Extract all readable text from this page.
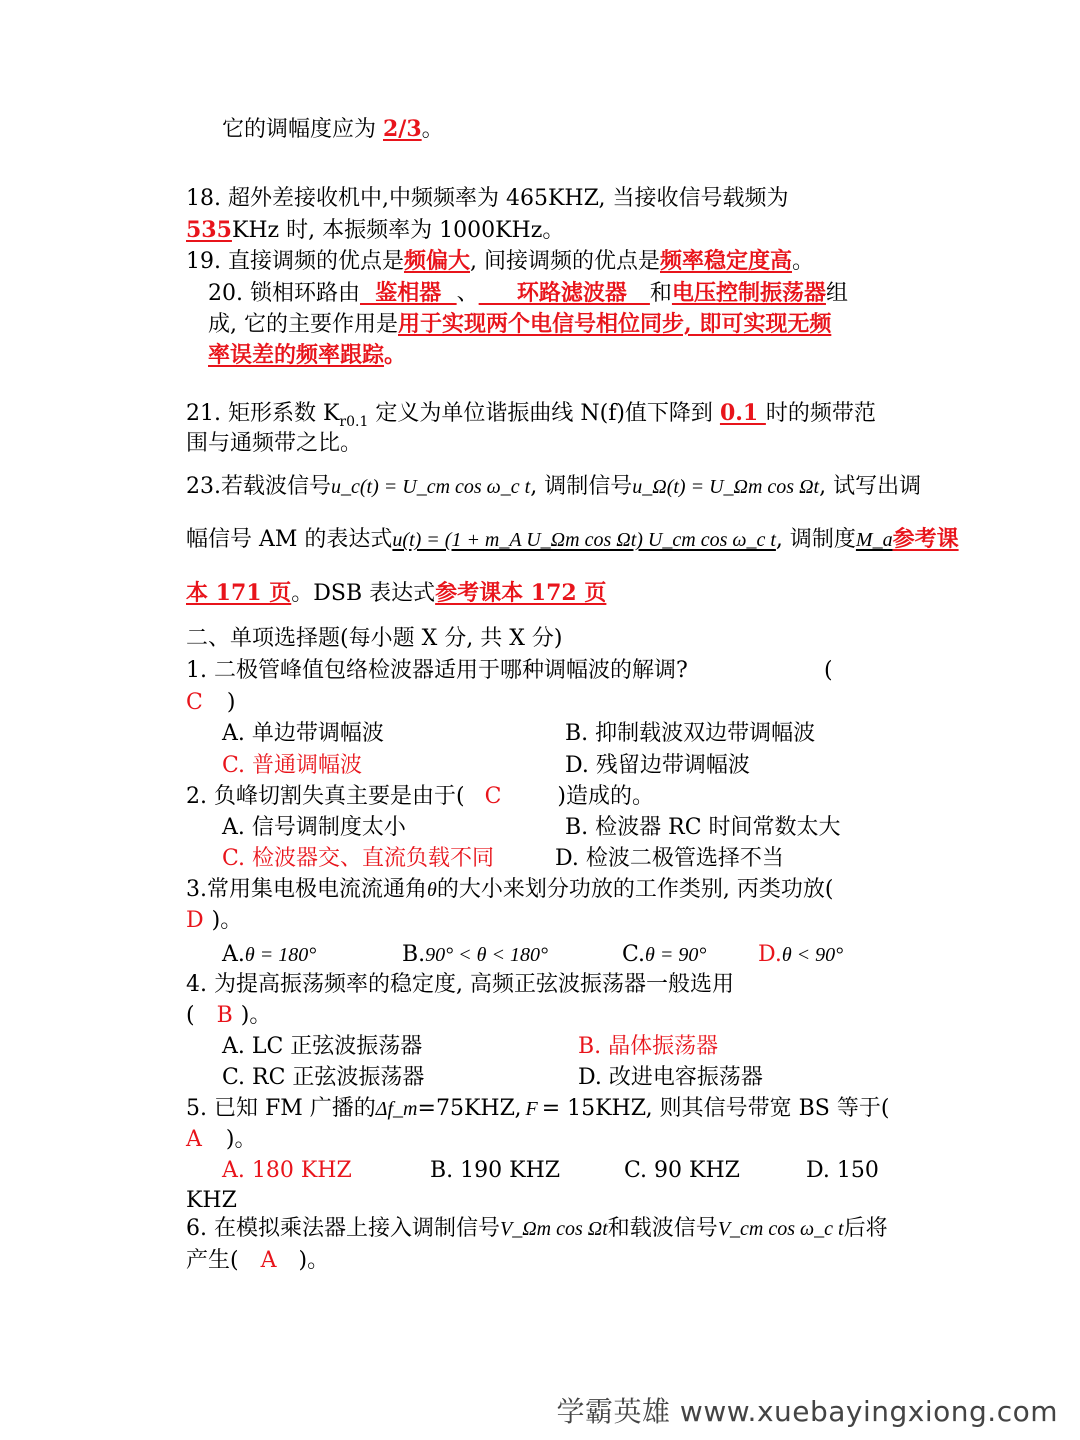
它的调幅度应为 2/3。
18. 超外差接收机中,中频频率为 465KHZ, 当接收信号载频为
535KHz 时, 本振频率为 1000KHz。
19. 直接调频的优点是频偏大, 间接调频的优点是频率稳定度高。
20. 锁相环路由  鉴相器  、     环路滤波器   和电压控制振荡器组
成, 它的主要作用是用于实现两个电信号相位同步, 即可实现无频
率误差的频率跟踪。
21. 矩形系数 $K_{r0.1}$ 定义为单位谐振曲线 N(f)值下降到 0.1 时的频带范
围与通频带之比。
23.若载波信号u_c(t) = U_cm cos ω_c t, 调制信号u_Ω(t) = U_Ωm cos Ωt, 试写出调
幅信号 AM 的表达式u(t) = (1 + m_A U_Ωm cos Ωt) U_cm cos ω_c t, 调制度M_a参考课
本 171 页。DSB 表达式参考课本 172 页
二、单项选择题(每小题 X 分, 共 X 分)
1. 二极管峰值包络检波器适用于哪种调幅波的解调?	(
C )
A. 单边带调幅波	B. 抑制载波双边带调幅波
C. 普通调幅波	D. 残留边带调幅波
2. 负峰切割失真主要是由于( C	)造成的。
A. 信号调制度太小	B. 检波器 RC 时间常数太大
C. 检波器交、直流负载不同	D. 检波二极管选择不当
3.常用集电极电流流通角θ的大小来划分功放的工作类别, 丙类功放(
D )。
A.θ = 180°	B.90° < θ < 180°	C.θ = 90° D.θ < 90°
4. 为提高振荡频率的稳定度, 高频正弦波振荡器一般选用
( B )。
A. LC 正弦波振荡器	B. 晶体振荡器
C. RC 正弦波振荡器	D. 改进电容振荡器
5. 已知 FM 广播的Δf_m=75KHZ, F = 15KHZ, 则其信号带宽 BS 等于(
A )。
A. 180 KHZ	B. 190 KHZ	C. 90 KHZ	D. 150
KHZ
6. 在模拟乘法器上接入调制信号V_Ωm cos Ωt和载波信号V_cm cos ω_c t后将
产生( A )。
学霸英雄 www.xuebayingxiong.com
